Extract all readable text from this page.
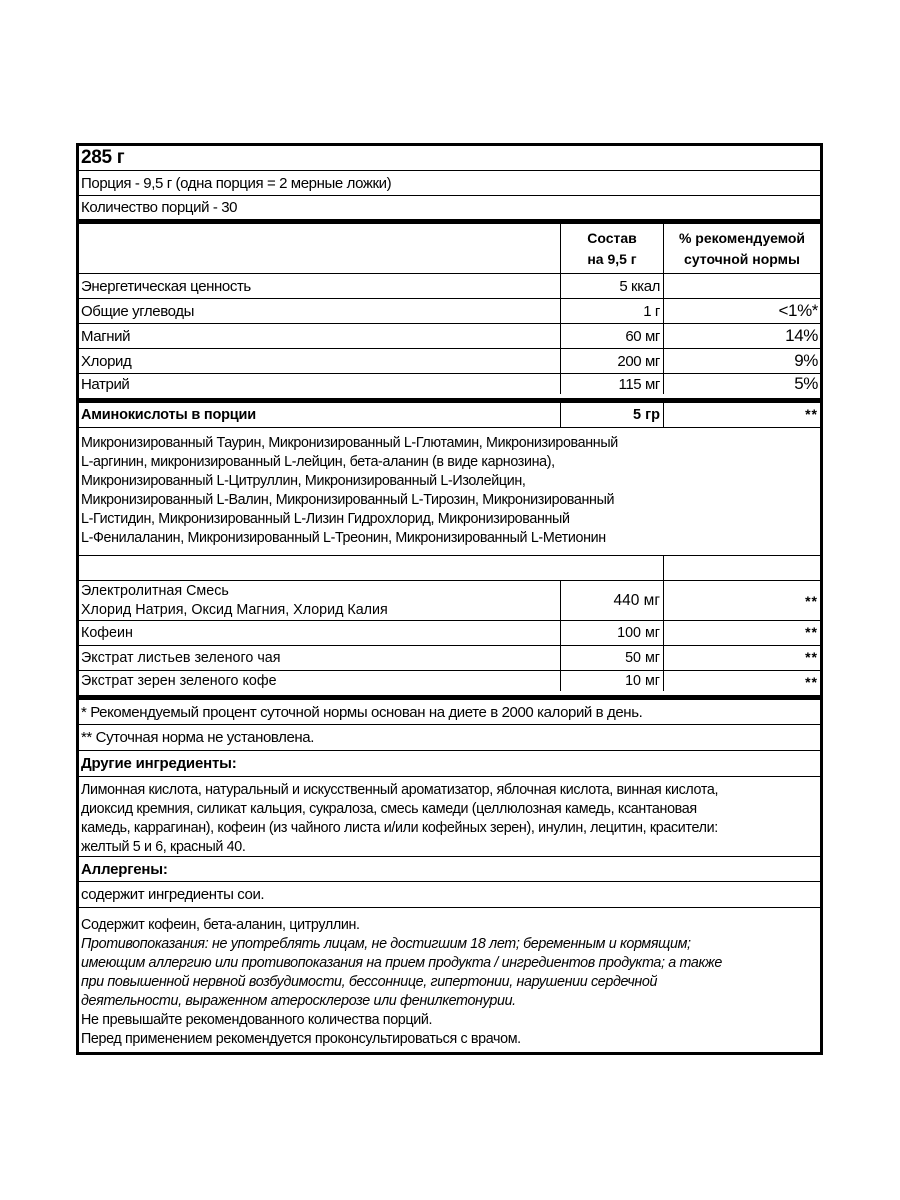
285 г
Порция - 9,5 г (одна порция = 2 мерные ложки)
Количество порций - 30
Состав
на 9,5 г
% рекомендуемой
суточной нормы
Энергетическая ценность	5 ккал
Общие углеводы	1 г	<1%*
Магний	60 мг	14%
Хлорид	200 мг	9%
Натрий	115 мг	5%
Аминокислоты в порции	5 гр	**
Микронизированный Таурин, Микронизированный L-Глютамин, Микронизированный
L-аргинин, микронизированный L-лейцин, бета-аланин (в виде карнозина),
Микронизированный L-Цитруллин, Микронизированный L-Изолейцин,
Микронизированный L-Валин, Микронизированный L-Тирозин, Микронизированный
L-Гистидин, Микронизированный L-Лизин Гидрохлорид, Микронизированный
L-Фенилаланин, Микронизированный L-Треонин, Микронизированный L-Метионин
Электролитная Смесь
Хлорид Натрия, Оксид Магния, Хлорид Калия
440 мг	**
Кофеин	100 мг	**
Экстрат листьев зеленого чая	50 мг	**
Экстрат зерен зеленого кофе	10 мг	**
* Рекомендуемый процент суточной нормы основан на диете в 2000 калорий в день.
** Суточная норма не установлена.
Другие ингредиенты:
Лимонная кислота, натуральный и искусственный ароматизатор, яблочная кислота, винная кислота,
диоксид кремния, силикат кальция, сукралоза, смесь камеди (целлюлозная камедь, ксантановая
камедь, каррагинан), кофеин (из чайного листа и/или кофейных зерен), инулин, лецитин, красители:
желтый 5 и 6, красный 40.
Аллергены:
содержит ингредиенты сои.
Содержит кофеин, бета-аланин, цитруллин.
Противопоказания: не употреблять лицам, не достигшим 18 лет; беременным и кормящим;
имеющим аллергию или противопоказания на прием продукта / ингредиентов продукта; а также
при повышенной нервной возбудимости, бессоннице, гипертонии, нарушении сердечной
деятельности, выраженном атеросклерозе или фенилкетонурии.
Не превышайте рекомендованного количества порций.
Перед применением рекомендуется проконсультироваться с врачом.
